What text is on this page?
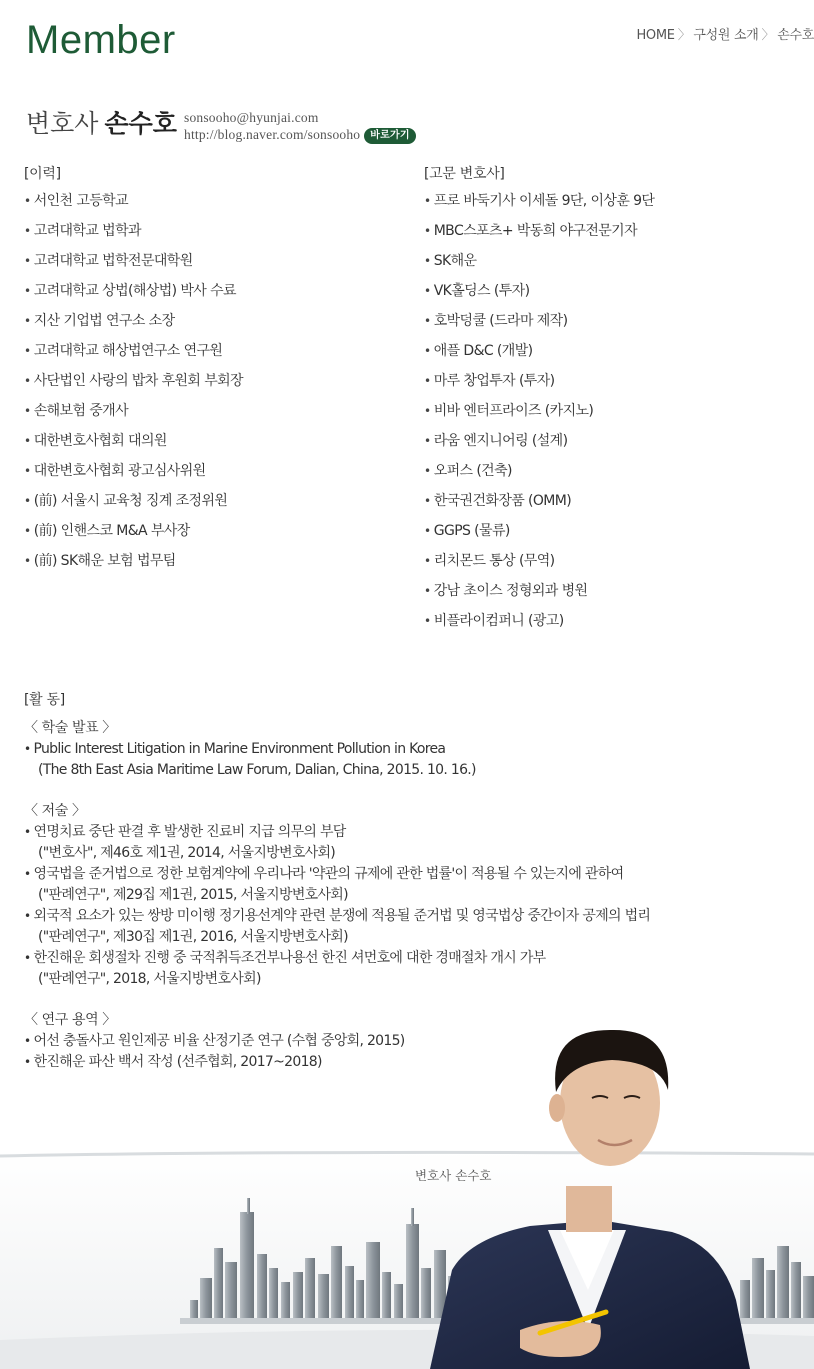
Member	HOME 〉 구성원 소개 〉 손수호
변호사 손수호 sonsooho@hyunjai.com
http://blog.naver.com/sonsooho 바로가기
[이력]
• 서인천 고등학교
• 고려대학교 법학과
• 고려대학교 법학전문대학원
• 고려대학교 상법(해상법) 박사 수료
• 지산 기업법 연구소 소장
• 고려대학교 해상법연구소 연구원
• 사단법인 사랑의 밥차 후원회 부회장
• 손해보험 중개사
• 대한변호사협회 대의원
• 대한변호사협회 광고심사위원
• (前) 서울시 교육청 징계 조정위원
• (前) 인핸스코 M&A 부사장
• (前) SK해운 보험 법무팀
[고문 변호사]
• 프로 바둑기사 이세돌 9단, 이상훈 9단
• MBC스포츠+ 박동희 야구전문기자
• SK해운
• VK홀딩스 (투자)
• 호박덩쿨 (드라마 제작)
• 애플 D&C (개발)
• 마루 창업투자 (투자)
• 비바 엔터프라이즈 (카지노)
• 라움 엔지니어링 (설계)
• 오퍼스 (건축)
• 한국권건화장품 (OMM)
• GGPS (물류)
• 리치몬드 통상 (무역)
• 강남 초이스 정형외과 병원
• 비플라이컴퍼니 (광고)
[활 동]
〈 학술 발표 〉
• Public Interest Litigation in Marine Environment Pollution in Korea
(The 8th East Asia Maritime Law Forum, Dalian, China, 2015. 10. 16.)
〈 저술 〉
• 연명치료 중단 판결 후 발생한 진료비 지급 의무의 부담
("변호사", 제46호 제1권, 2014, 서울지방변호사회)
• 영국법을 준거법으로 정한 보험계약에 우리나라 '약관의 규제에 관한 법률'이 적용될 수 있는지에 관하여
("판례연구", 제29집 제1권, 2015, 서울지방변호사회)
• 외국적 요소가 있는 쌍방 미이행 정기용선계약 관련 분쟁에 적용될 준거법 및 영국법상 중간이자 공제의 법리
("판례연구", 제30집 제1권, 2016, 서울지방변호사회)
• 한진해운 회생절차 진행 중 국적취득조건부나용선 한진 셔먼호에 대한 경매절차 개시 가부
("판례연구", 2018, 서울지방변호사회)
〈 연구 용역 〉
• 어선 충돌사고 원인제공 비율 산정기준 연구 (수협 중앙회, 2015)
• 한진해운 파산 백서 작성 (선주협회, 2017~2018)
변호사 손수호
